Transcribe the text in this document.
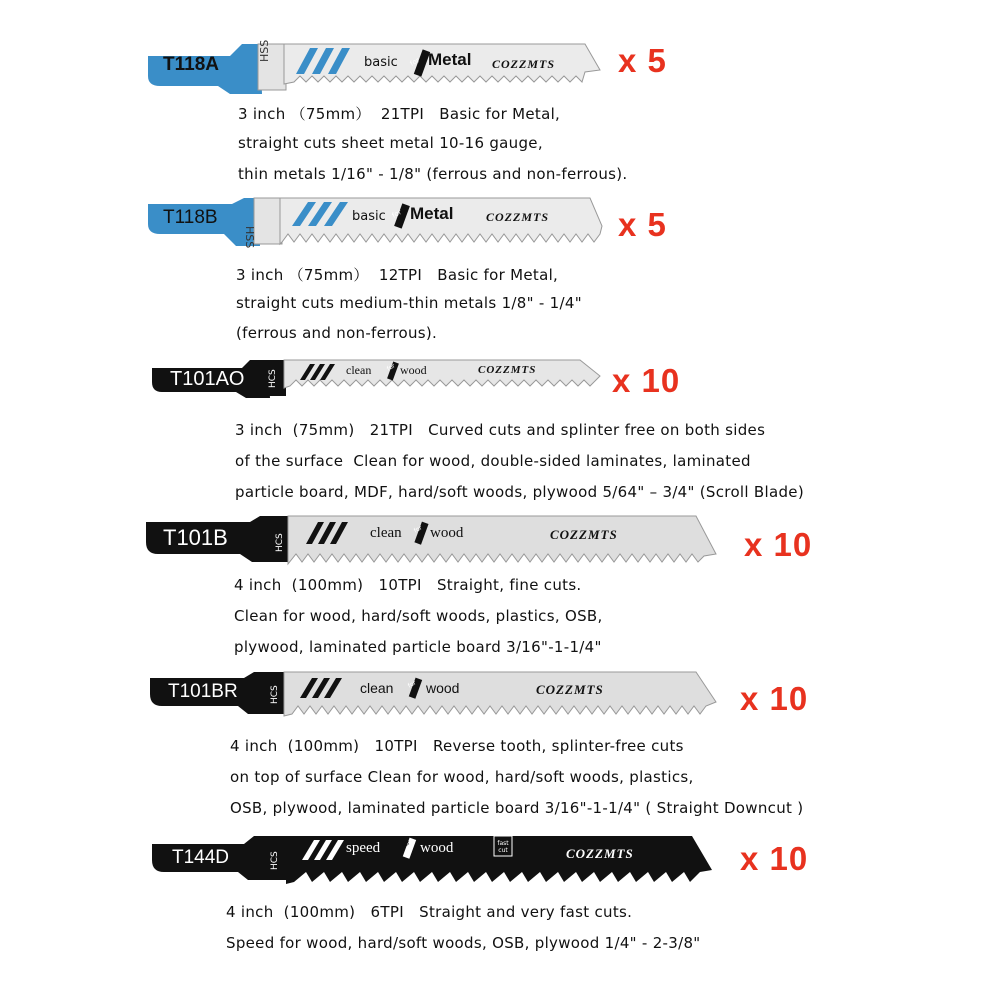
T118A
HSS
basic for Metal COZZMTS x 5

3 inch （75mm）  21TPI   Basic for Metal,

straight cuts sheet metal 10-16 gauge,

thin metals 1/16" - 1/8" (ferrous and non-ferrous).

T118B
HSS
basic for Metal	COZZMTS x 5

3 inch （75mm）  12TPI   Basic for Metal,

straight cuts medium-thin metals 1/8" - 1/4"

(ferrous and non-ferrous).

T101AO	HCS	clean for wood	COZZMTS x 10

3 inch  (75mm)   21TPI   Curved cuts and splinter free on both sides

of the surface  Clean for wood, double-sided laminates, laminated

particle board, MDF, hard/soft woods, plywood 5/64" – 3/4" (Scroll Blade)

T101B	HCS
clean for wood	COZZMTS	x 10

4 inch  (100mm)   10TPI   Straight, fine cuts.

Clean for wood, hard/soft woods, plastics, OSB,

plywood, laminated particle board 3/16"-1-1/4"

T101BR	HCS	clean for wood	COZZMTS	x 10

4 inch  (100mm)   10TPI   Reverse tooth, splinter-free cuts

on top of surface Clean for wood, hard/soft woods, plastics,

OSB, plywood, laminated particle board 3/16"-1-1/4" ( Straight Downcut )

T144D	HCS
speed	for wood	fast cut	COZZMTS	x 10

4 inch  (100mm)   6TPI   Straight and very fast cuts.

Speed for wood, hard/soft woods, OSB, plywood 1/4" - 2-3/8"
